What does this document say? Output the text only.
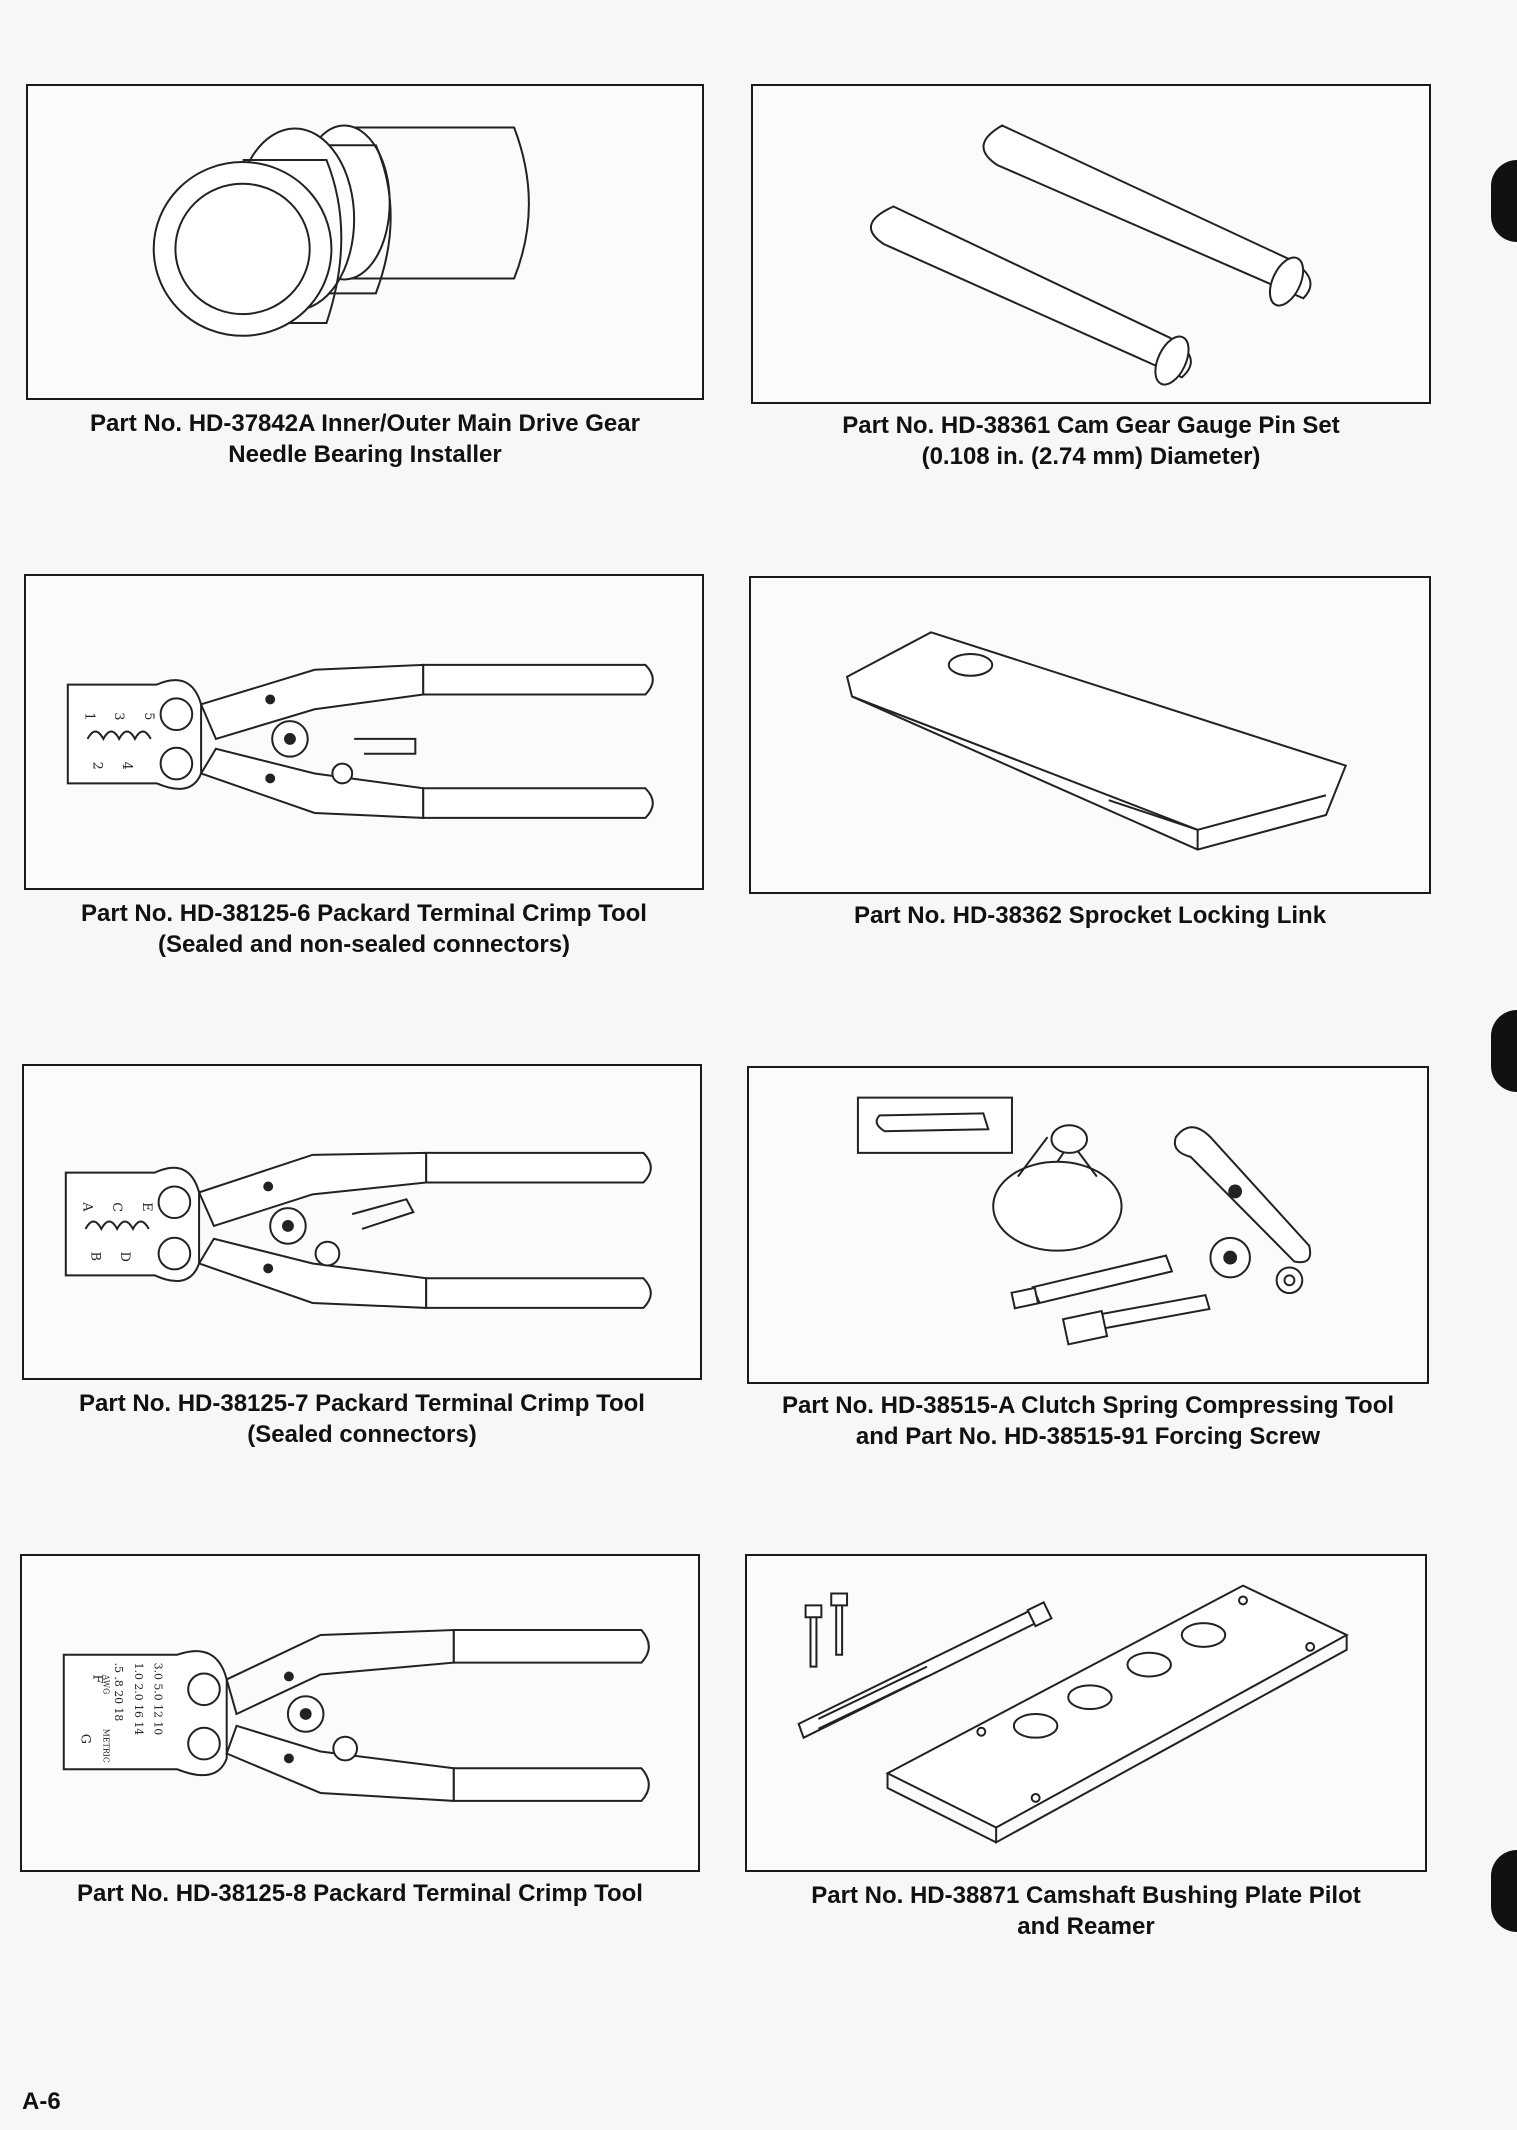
Part No. HD-37842A Inner/Outer Main Drive Gear
Needle Bearing Installer
Part No. HD-38361 Cam Gear Gauge Pin Set
(0.108 in. (2.74 mm) Diameter)
1
2
3
4
5
Part No. HD-38125-6 Packard Terminal Crimp Tool
(Sealed and non-sealed connectors)
Part No. HD-38362 Sprocket Locking Link
A
B
C
D
E
Part No. HD-38125-7 Packard Terminal Crimp Tool
(Sealed connectors)
Part No. HD-38515-A Clutch Spring Compressing Tool
and Part No. HD-38515-91 Forcing Screw
F
G METRIC
AWG .5 .8 20 18 1.0 2.0 16 14 3.0 5.0 12 10
Part No. HD-38125-8 Packard Terminal Crimp Tool	Part No. HD-38871 Camshaft Bushing Plate Pilot
and Reamer
A-6
